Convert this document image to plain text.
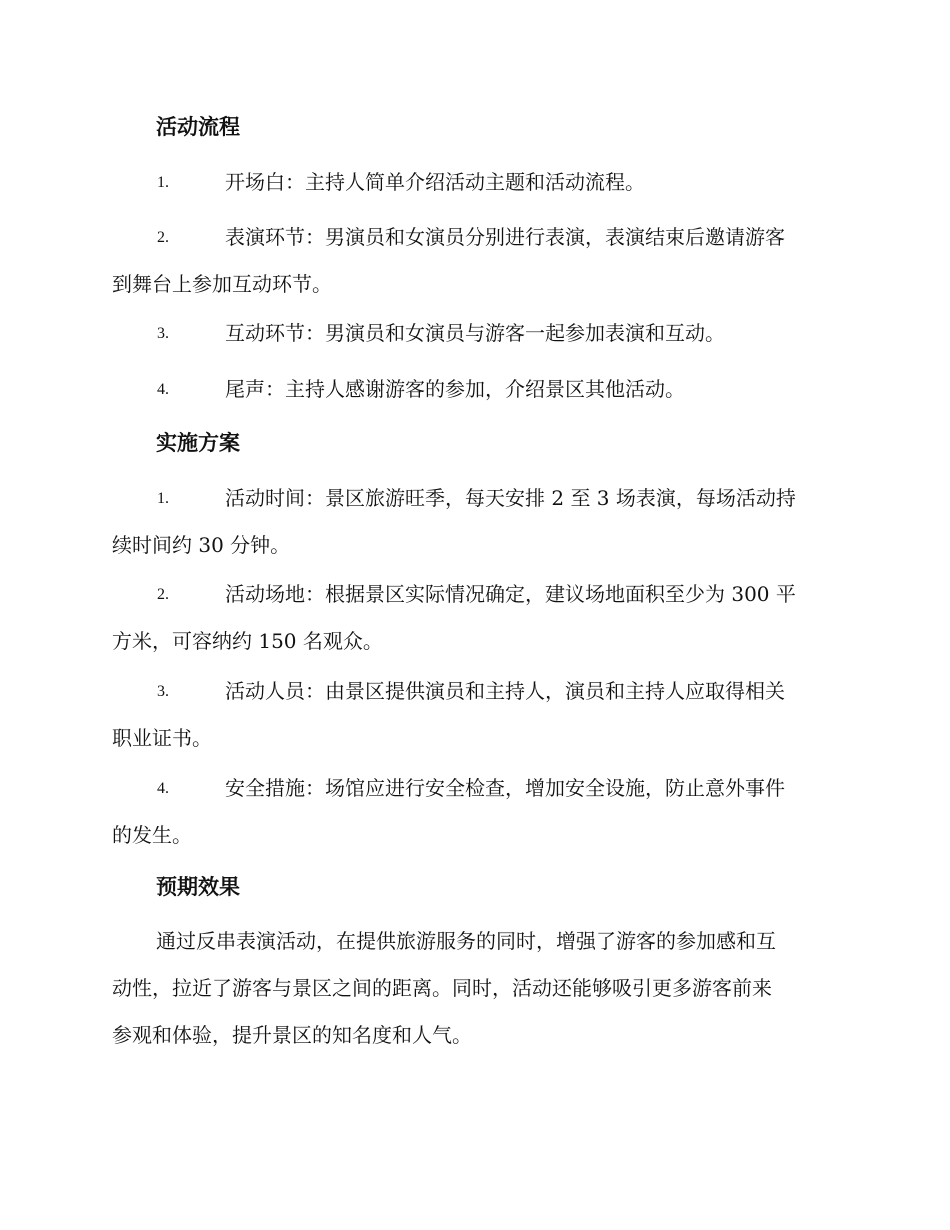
活动流程
1.	开场白：主持人简单介绍活动主题和活动流程。
2.	表演环节：男演员和女演员分别进行表演，表演结束后邀请游客
到舞台上参加互动环节。
3.	互动环节：男演员和女演员与游客一起参加表演和互动。
4.	尾声：主持人感谢游客的参加，介绍景区其他活动。
实施方案
1.	活动时间：景区旅游旺季，每天安排 2 至 3 场表演，每场活动持
续时间约 30 分钟。
2.	活动场地：根据景区实际情况确定，建议场地面积至少为 300 平
方米，可容纳约 150 名观众。
3.	活动人员：由景区提供演员和主持人，演员和主持人应取得相关
职业证书。
4.	安全措施：场馆应进行安全检查，增加安全设施，防止意外事件
的发生。
预期效果
通过反串表演活动，在提供旅游服务的同时，增强了游客的参加感和互
动性，拉近了游客与景区之间的距离。同时，活动还能够吸引更多游客前来
参观和体验，提升景区的知名度和人气。
